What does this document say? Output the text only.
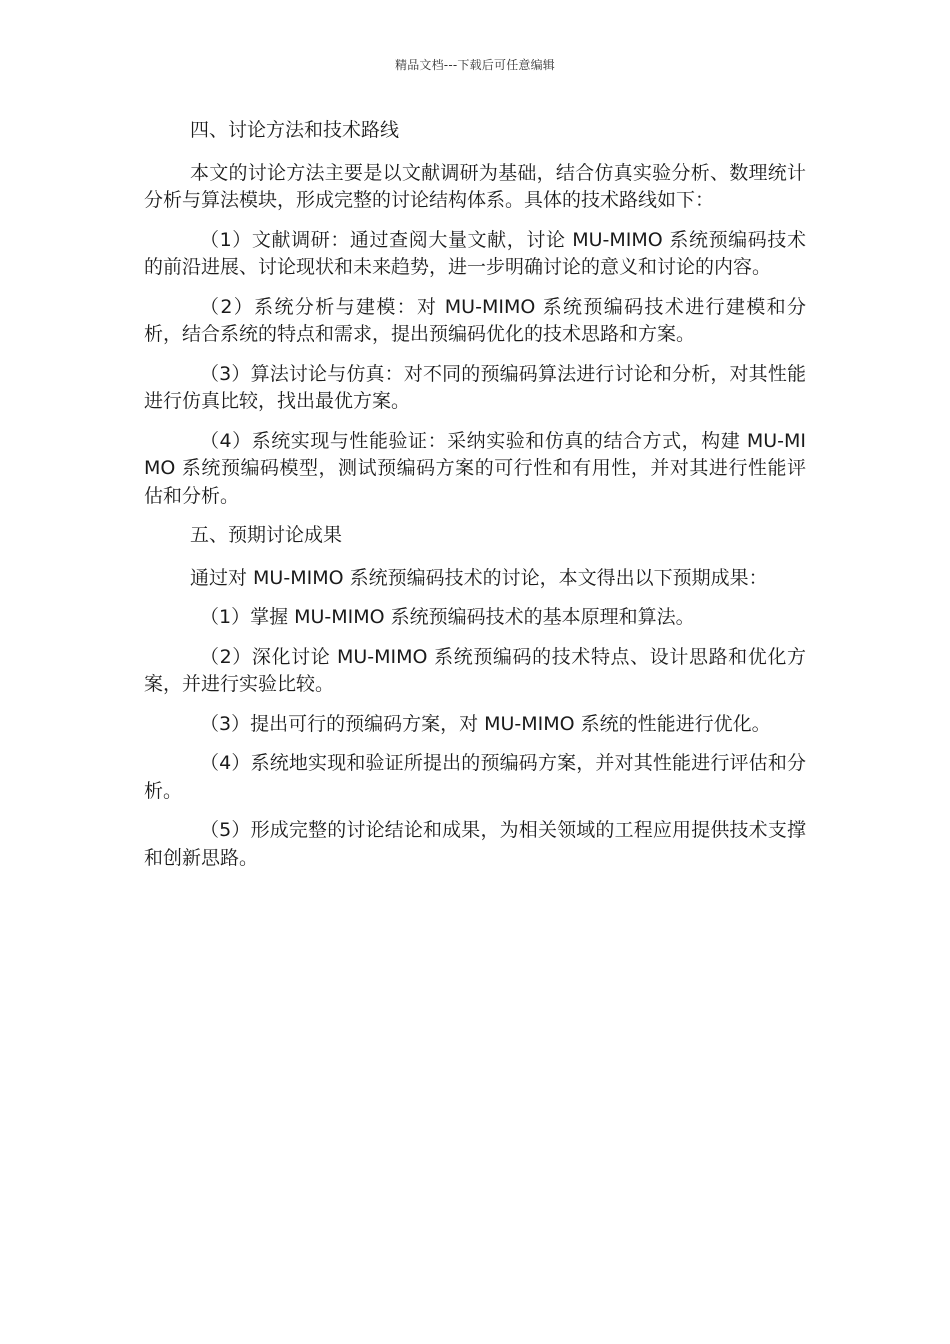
精品文档---下载后可任意编辑

四、讨论方法和技术路线

本文的讨论方法主要是以文献调研为基础，结合仿真实验分析、数理统计分析与算法模块，形成完整的讨论结构体系。具体的技术路线如下：

（1）文献调研：通过查阅大量文献，讨论 MU-MIMO 系统预编码技术的前沿进展、讨论现状和未来趋势，进一步明确讨论的意义和讨论的内容。

（2）系统分析与建模：对 MU-MIMO 系统预编码技术进行建模和分析，结合系统的特点和需求，提出预编码优化的技术思路和方案。

（3）算法讨论与仿真：对不同的预编码算法进行讨论和分析，对其性能进行仿真比较，找出最优方案。

（4）系统实现与性能验证：采纳实验和仿真的结合方式，构建 MU-MIMO 系统预编码模型，测试预编码方案的可行性和有用性，并对其进行性能评估和分析。

五、预期讨论成果

通过对 MU-MIMO 系统预编码技术的讨论，本文得出以下预期成果：

（1）掌握 MU-MIMO 系统预编码技术的基本原理和算法。

（2）深化讨论 MU-MIMO 系统预编码的技术特点、设计思路和优化方案，并进行实验比较。

（3）提出可行的预编码方案，对 MU-MIMO 系统的性能进行优化。

（4）系统地实现和验证所提出的预编码方案，并对其性能进行评估和分析。

（5）形成完整的讨论结论和成果，为相关领域的工程应用提供技术支撑和创新思路。
